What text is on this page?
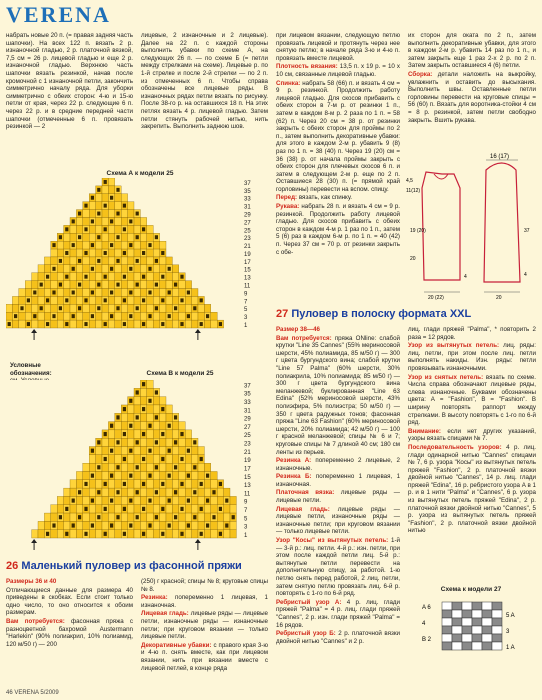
VERENA

набрать новые 20 п. (= правая задняя часть шапочки). На всех 122 п. вязать 2 р. изнаночной гладью, 2 р. платочной вязкой, 7,5 см = 26 р. лицевой гладью и еще 2 р. изнаночной гладью. Верхнюю часть шапочки вязать резинкой, начав после кромочной с 1 изнаночной петли, закончить симметрично началу ряда. Для уборки симметрично с обеих сторон: 4-ю и 15-ю петли от края, через 22 р. следующие 6 п. через 22 р. и в средние передней части шапочки (отмеченные 6 п. провязать резинкой — 2

лицевые, 2 изнаночные и 2 лицевые). Далее на 22 п. с каждой стороны выполнить убавки по схеме А, на следующих 26 п. — по схеме Б (= петли между стрелками на схеме). Лицевые р. по 1-й стрелке и после 2-й стрелки — по 2 п. из отмеченных 6 п. Чтобы справа обозначены все лицевые ряды. В изнаночных рядах петли вязать по рисунку. После 38-го р. на оставшихся 18 п. На этих петлях вязать 4 р. лицевой гладью. Затем петли стянуть рабочей нитью, нить закрепить. Выполнить заднюю шов.

при лицевом вязании, следующую петлю провязать лицевой и протянуть через нее снятую петлю; в начале ряда 3-ю и 4-ю п. провязать вместе лицевой.

Плотность вязания: 13,5 п. х 19 р. = 10 х 10 см, связанные лицевой гладью.

Спинка: набрать 58 (66) п. и вязать 4 см = 9 р. резинкой. Продолжить работу лицевой гладью. Для скосов прибавить с обеих сторон в 7-м р. от резинки 1 п., затем в каждом 8-м р. 2 раза по 1 п. = 58 (62) п. Через 20 см = 38 р. от резинки закрыть с обеих сторон для проймы по 2 п., затем выполнить декоративные убавки: для этого в каждом 2-м р. убавить 9 (8) раз по 1 п. = 38 (40) п. Через 19 (20) см = 36 (38) р. от начала проймы закрыть с обеих сторон для плечевых скосов 6 п. и затем в следующем 2-м р. еще по 2 п. Оставшиеся 28 (30) п. (= прямой край горловины) перевести на вспом. спицу.

Перед: вязать, как спинку.

Рукава: набрать 28 п. и вязать 4 см = 9 р. резинкой. Продолжить работу лицевой гладью. Для скосов прибавить с обеих сторон в каждом 4-м р. 1 раз по 1 п., затем 5 (6) раз в каждом 6-м р. по 1 п. = 40 (42) п. Через 37 см = 70 р. от резинки закрыть с обе-

их сторон для оката по 2 п., затем выполнить декоративные убавки, для этого в каждом 2-м р. убавить 14 раз по 1 п., и затем закрыть еще 1 раз 2-х 2 р. по 2 п. Затем закрыть оставшиеся 4 (6) петли.

Сборка: детали наложить на выкройку, увлажнить и оставить до высыхания. Выполнить швы. Оставленные петли горловины перевести на круговые спицы = 56 (60) п. Вязать для воротника-стойки 4 см = 8 р. резинкой, затем петли свободно закрыть. Вшить рукава.

16 (17)
11(12)
4,5
19 (20)
20
37
4
20 (22)	20
4
Схема А к модели 25
37
35
33
31
29
27
25
23
21
19
17
15
13
11
9
7
5
3
1
Условные обозначения:	Схема В к модели 25
37
35
33
31
29
27
25
23
21
19
17
15
13
11
9
7
5
3
1
26 Маленький пуловер из фасонной пряжи

Размеры 36 и 40

Отличающиеся данные для размера 40 приведены в скобках. Если стоит только одно число, то оно относится к обоим размерам.

Вам потребуется: фасонная пряжа с разноцветной бахромой Austermann "Harlekin" (90% полиакрил, 10% полиамид, 120 м/50 г) — 200

(250) г красной; спицы № 8; круговые спицы № 8.

Резинка: попеременно 1 лицевая, 1 изнаночная.

Лицевая гладь: лицевые ряды — лицевые петли, изнаночные ряды — изнаночные петли; при круговом вязании — только лицевые петли.

Декоративные убавки: с правого края 3-ю и 4-ю п. снять вместе, как при лицевом вязании, нить при вязании вместе с лицевой петлей, в конце ряда

27 Пуловер в полоску формата XXL

Размер 38—46

Вам потребуется: пряжа ONline: слабой крутки "Line 35 Cannes" (55% мериносовой шерсти, 45% полиамида, 85 м/50 г) — 300 г цвета бургундского вина; слабой крутки "Line 57 Palma" (60% шерсти, 30% полиакрила, 10% полиамида; 85 м/50 г) — 300 г цвета бургундского вина меланжевой; буклированная "Line 63 Edina" (52% мериносовой шерсти, 43% полиэфира, 5% полиэстра; 50 м/50 г) — 350 г цвета радужных тонов; фасонная пряжа "Line 63 Fashion" (60% мериносовой шерсти, 20% полиамида; 42 м/50 г) — 100 г красной меланжевой; спицы № 6 и 7; круговые спицы № 7 длиной 40 см; 180 см ленты из перьев.

Резинка А: попеременно 2 лицевые, 2 изнаночные.

Резинка Б: попеременно 1 лицевая, 1 изнаночная.

Платочная вязка: лицевые ряды — лицевые петли.

Лицевая гладь: лицевые ряды — лицевые петли, изнаночные ряды — изнаночные петли; при круговом вязании — только лицевые петли.

Узор "Косы" из вытянутых петель: 1-й — 3-й р.: лиц. петли. 4-й р.: изн. петли, при этом после каждой петли лиц. 5-й р.: вытянутые петли перевести на дополнительную спицу, за работой. 1-ю петлю снять перед работой, 2 лиц. петли, затем снятую петлю провязать лиц. 6-й р. повторять с 1-го по 6-й ряд.

Ребристый узор А: 4 р. лиц. глади пряжей "Palma" = 4 р. лиц. глади пряжей "Cannes", 2 р. изн. глади пряжей "Palma" = 16 рядов.

Ребристый узор Б: 2 р. платочной вязки двойной нитью "Cannes" и 2 р.

лиц. глади пряжей "Palma", * повторить 2 раза = 12 рядов.

Узор из вытянутых петель: лиц. ряды: лиц. петли, при этом после лиц. петли выполнять накиды. Изн. ряды: петли провязывать изнаночными.

Узор из снятых петель: вязать по схеме. Числа справа обозначают лицевые ряды, слева изнаночные. Буквами обозначены цвета: А = "Fashion", В = "Fashion". В ширину повторять раппорт между стрелками. В высоту повторять с 1-го по 6-й ряд.

Внимание: если нет других указаний, узоры вязать спицами № 7.

Последовательность узоров: 4 р. лиц. глади одинарной нитью "Cannes" спицами № 7, 6 р. узора "Косы" из вытянутых петель пряжей "Fashion", 2 р. платочной вязки двойной нитью "Cannes", 14 р. лиц. глади пряжей "Edina", 16 р. ребристого узора А в 1 р. и в 1 нити "Palma" и "Cannes", 6 р. узора из вытянутых петель пряжей "Edina", 2 р. платочной вязки двойной нитью "Cannes", 5 р. узора из вытянутых петель пряжей "Fashion", 2 р. платочной вязки двойной нитью

Схема к модели 27
A 6
4
B 2
5 A
3
1 A
46 VERENA 5/2009
